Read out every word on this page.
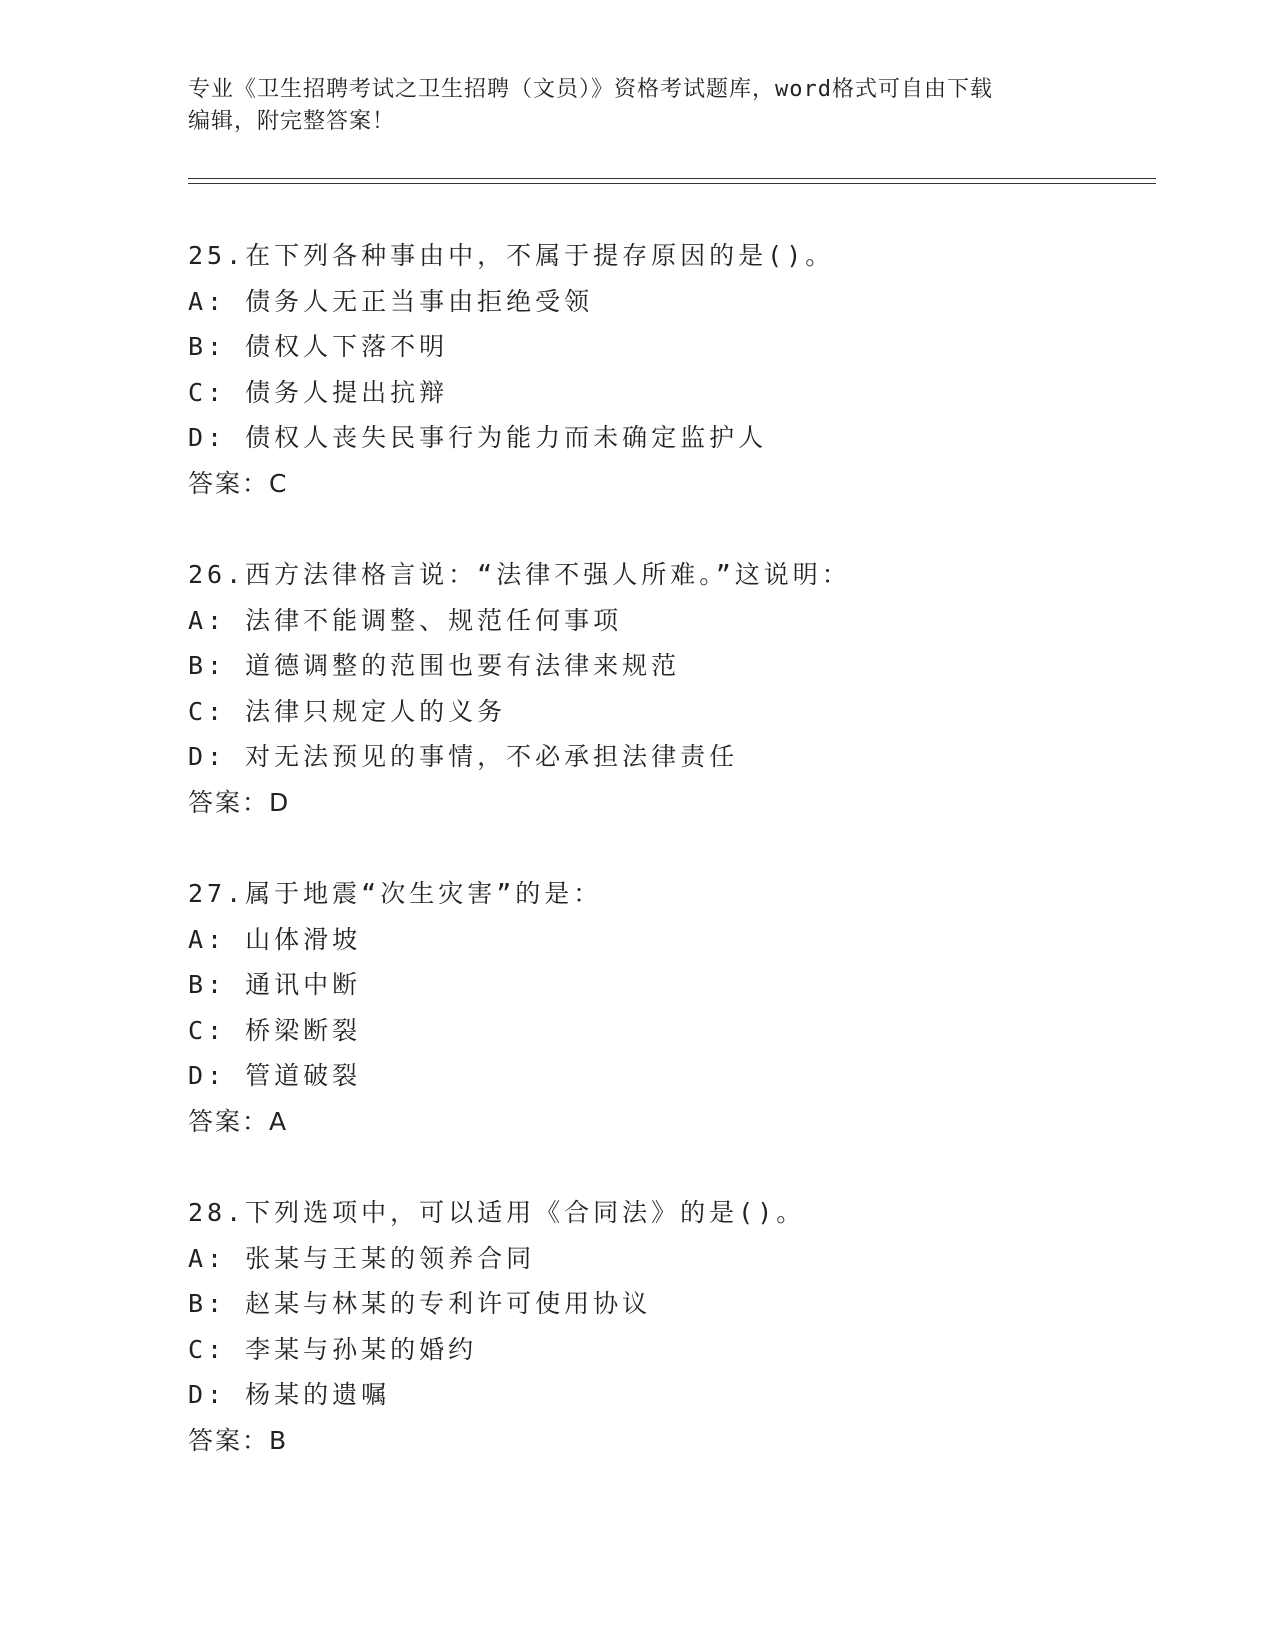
专业《卫生招聘考试之卫生招聘（文员）》资格考试题库，word格式可自由下载
编辑，附完整答案！
25.在下列各种事由中，不属于提存原因的是()。
A: 债务人无正当事由拒绝受领
B: 债权人下落不明
C: 债务人提出抗辩
D: 债权人丧失民事行为能力而未确定监护人
答案：C
26.西方法律格言说：“法律不强人所难。”这说明：
A: 法律不能调整、规范任何事项
B: 道德调整的范围也要有法律来规范
C: 法律只规定人的义务
D: 对无法预见的事情，不必承担法律责任
答案：D
27.属于地震“次生灾害”的是：
A: 山体滑坡
B: 通讯中断
C: 桥梁断裂
D: 管道破裂
答案：A
28.下列选项中，可以适用《合同法》的是()。
A: 张某与王某的领养合同
B: 赵某与林某的专利许可使用协议
C: 李某与孙某的婚约
D: 杨某的遗嘱
答案：B
